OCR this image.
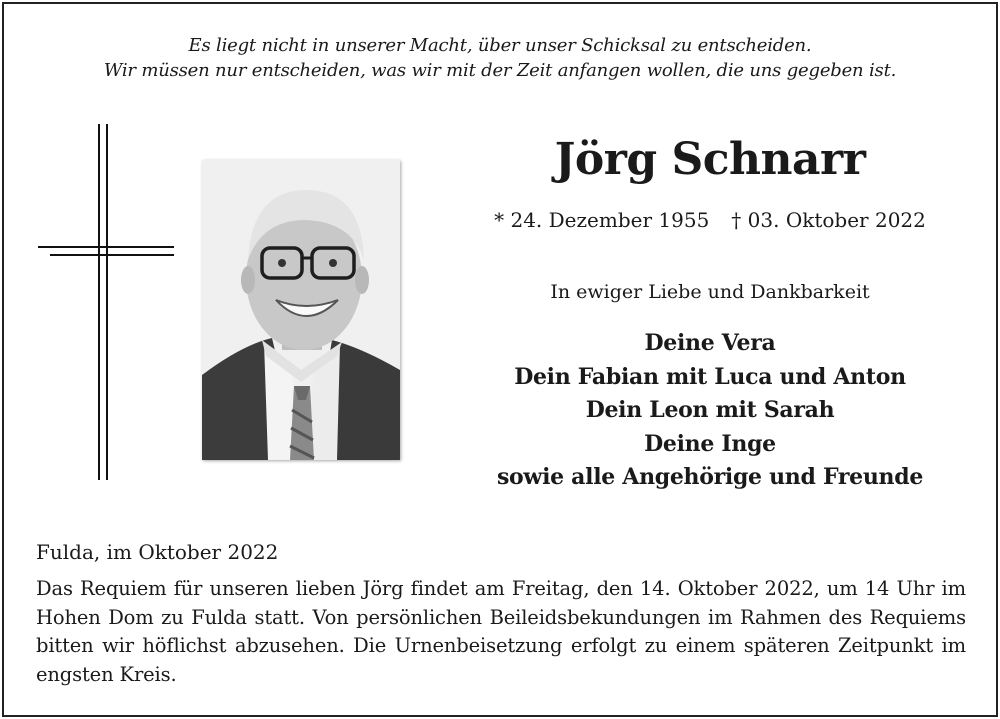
Es liegt nicht in unserer Macht, über unser Schicksal zu entscheiden.
Wir müssen nur entscheiden, was wir mit der Zeit anfangen wollen, die uns gegeben ist.
Jörg Schnarr
* 24. Dezember 1955 † 03. Oktober 2022
In ewiger Liebe und Dankbarkeit
Deine Vera
Dein Fabian mit Luca und Anton
Dein Leon mit Sarah
Deine Inge
sowie alle Angehörige und Freunde
Fulda, im Oktober 2022
Das Requiem für unseren lieben Jörg findet am Freitag, den 14. Oktober 2022, um 14 Uhr im Hohen Dom zu Fulda statt. Von persönlichen Beileidsbekundungen im Rahmen des Requiems bitten wir höflichst abzusehen. Die Urnenbeisetzung erfolgt zu einem späteren Zeitpunkt im engsten Kreis.
